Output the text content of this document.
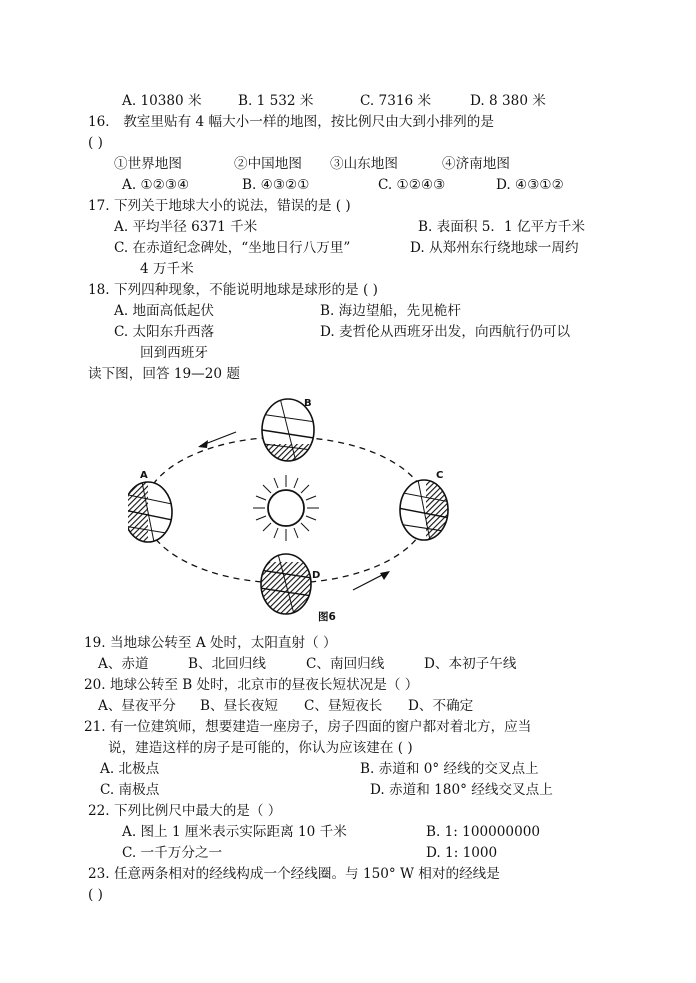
A. 10380 米	B. 1 532 米	C. 7316 米	D. 8 380 米
16． 教室里贴有 4 幅大小一样的地图，按比例尺由大到小排列的是
( )
①世界地图	②中国地图 ③山东地图	④济南地图
A. ①②③④	B. ④③②①	C. ①②④③	D. ④③①②
17. 下列关于地球大小的说法，错误的是 ( )
A. 平均半径 6371 千米	B. 表面积 5．1 亿平方千米
C. 在赤道纪念碑处，“坐地日行八万里”	D. 从郑州东行绕地球一周约
4 万千米
18. 下列四种现象，不能说明地球是球形的是 ( )
A. 地面高低起伏	B. 海边望船，先见桅杆
C. 太阳东升西落	D. 麦哲伦从西班牙出发，向西航行仍可以
回到西班牙
读下图，回答 19—20 题
B
A	C
D
图6
19. 当地球公转至 A 处时，太阳直射（ ）
A、赤道	B、北回归线	C、南回归线	D、本初子午线
20. 地球公转至 B 处时，北京市的昼夜长短状况是（ ）
A、昼夜平分 B、昼长夜短 C、昼短夜长 D、不确定
21. 有一位建筑师，想要建造一座房子，房子四面的窗户都对着北方，应当
说，建造这样的房子是可能的，你认为应该建在 ( )
A. 北极点	B. 赤道和 0° 经线的交叉点上
C. 南极点	D. 赤道和 180° 经线交叉点上
22. 下列比例尺中最大的是（ ）
A. 图上 1 厘米表示实际距离 10 千米	B. 1: 100000000
C. 一千万分之一	D. 1: 1000
23. 任意两条相对的经线构成一个经线圈。与 150° W 相对的经线是
( )
